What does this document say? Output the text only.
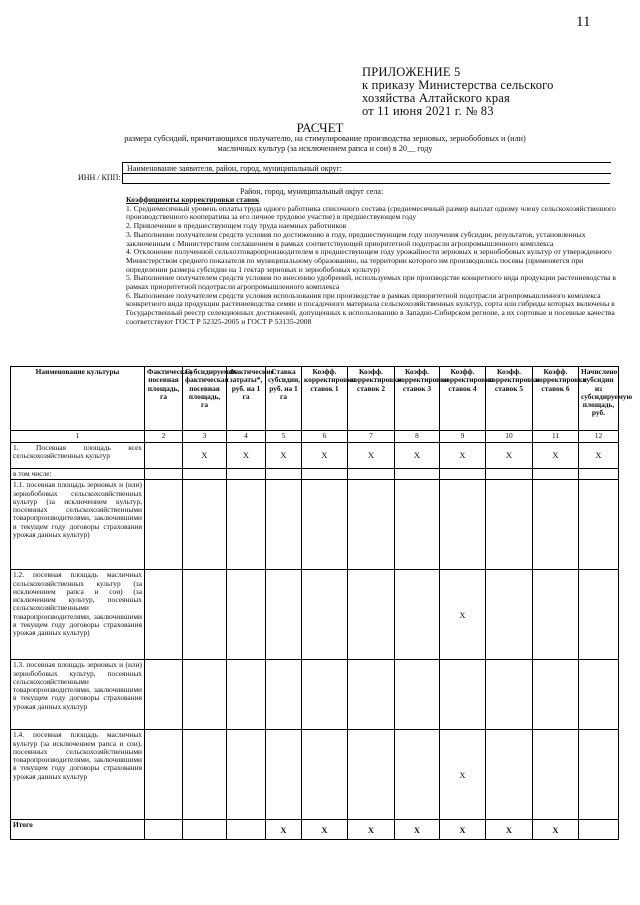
11
ПРИЛОЖЕНИЕ 5
к приказу Министерства сельского
хозяйства Алтайского края
от 11 июня 2021 г. № 83
РАСЧЕТ
размера субсидий, причитающихся получателю, на стимулирование производства зерновых, зернобобовых и (или) масличных культур (за исключением рапса и сои) в 20__ году
Наименование заявителя, район, город, муниципальный округ:
ИНН / КПП:
Район, город, муниципальный округ села:
Коэффициенты корректировки ставок
1. Среднемесячный уровень оплаты труда одного работника списочного состава (среднемесячный размер выплат одному члену сельскохозяйственного производственного кооператива за его личное трудовое участие) в предшествующем году
2. Привлечение в предшествующем году труда наемных работников
3. Выполнение получателем средств условия по достижению в году, предшествующем году получения субсидии, результатов, установленных заключенным с Министерством соглашением в рамках соответствующей приоритетной подотрасли агропромышленного комплекса
4. Отклонение полученной сельхозтоваропроизводителем в предшествующем году урожайности зерновых и зернобобовых культур от утвержденного Министерством среднего показателя по муниципальному образованию, на территории которого им производились посевы (применяется при определении размера субсидии на 1 гектар зерновых и зернобобовых культур)
5. Выполнение получателем средств условия по внесению удобрений, используемых при производстве конкретного вида продукции растениеводства в рамках приоритетной подотрасли агропромышленного комплекса
6. Выполнение получателем средств условия использования при производстве в рамках приоритетной подотрасли агропромышленного комплекса конкретного вида продукции растениеводства семян и посадочного материала сельскохозяйственных культур, сорта или гибриды которых включены в Государственный реестр селекционных достижений, допущенных к использованию в Западно-Сибирском регионе, а их сортовые и посевные качества соответствуют ГОСТ Р 52325-2005 и ГОСТ Р 53135-2008
Наименование культуры	Фактическая посевная площадь, га	Субсидируемая фактическая посевная площадь, га	Фактические затраты*, руб. на 1 га	Ставка субсидии, руб. на 1 га	Коэфф. корректировки ставок 1	Коэфф. корректировки ставок 2	Коэфф. корректировки ставок 3	Коэфф. корректировки ставок 4	Коэфф. корректировки ставок 5	Коэфф. корректировки ставок 6	Начислено субсидии из субсидируемую площадь, руб.
1	2	3	4	5	6	7	8	9	10	11	12
1. Посевная площадь всех сельскохозяйственных культур		X	X	X	X	X	X	X	X	X	X
в том числе:											
1.1. посевная площадь зерновых и (или) зернобобовых сельскохозяйственных культур (за исключением культур, посеянных сельскохозяйственными товаропроизводителями, заключившими в текущем году договоры страхования урожая данных культур)											
1.2. посевная площадь масличных сельскохозяйственных культур (за исключением рапса и сои) (за исключением культур, посеянных сельскохозяйственными товаропроизводителями, заключившими в текущем году договоры страхования урожая данных культур)								X			
1.3. посевная площадь зерновых и (или) зернобобовых культур, посеянных сельскохозяйственными товаропроизводителями, заключившими в текущем году договоры страхования урожая данных культур											
1.4. посевная площадь масличных культур (за исключением рапса и сои), посеянных сельскохозяйственными товаропроизводителями, заключившими в текущем году договоры страхования урожая данных культур								X			
Итого				X	X	X	X	X	X	X	
